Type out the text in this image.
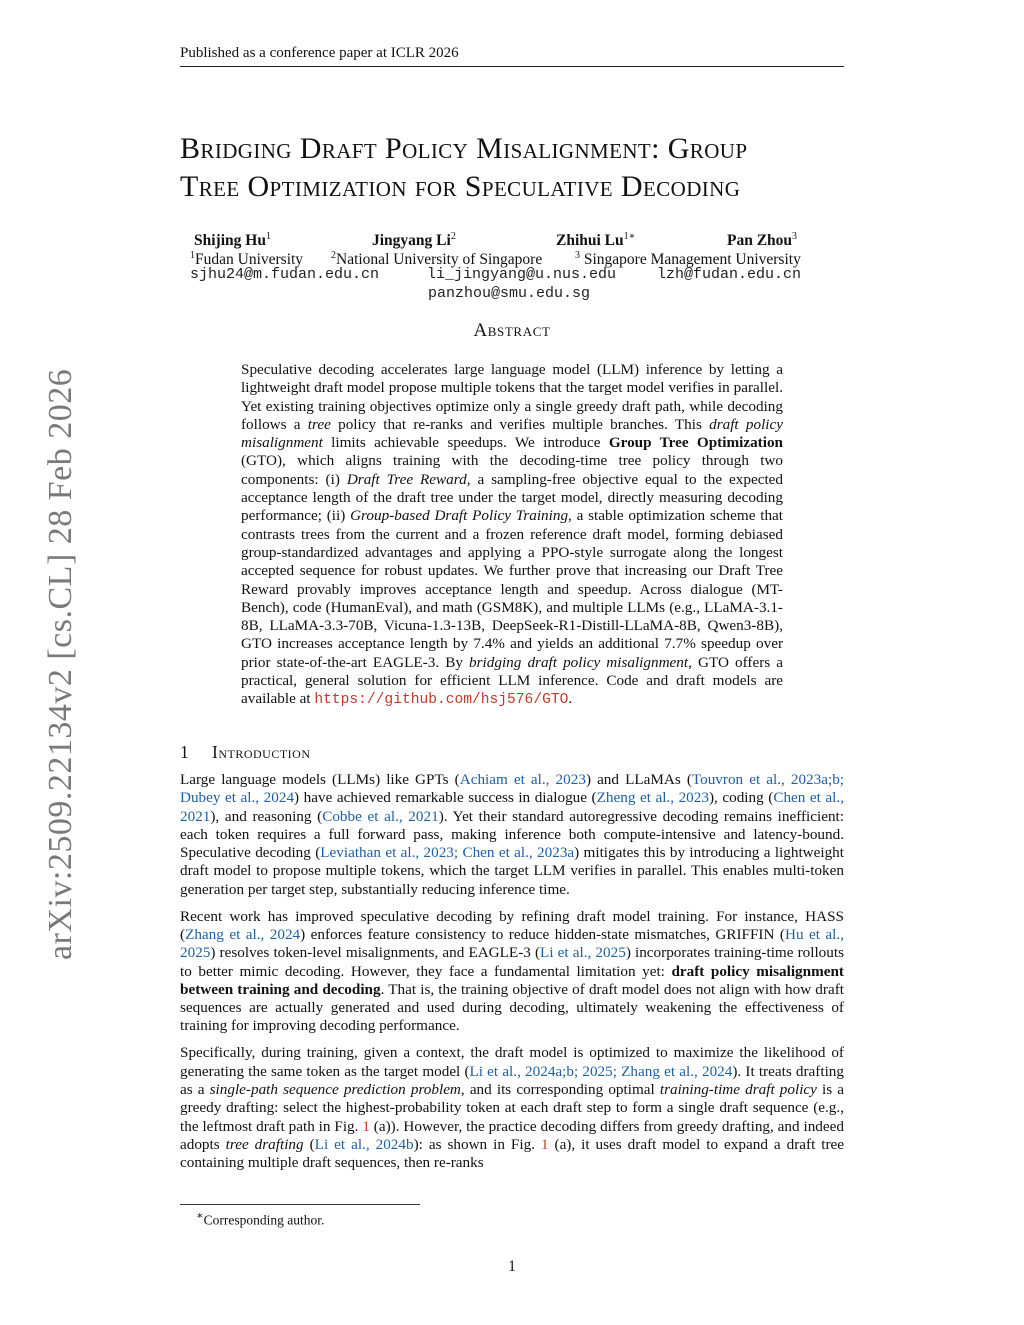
Published as a conference paper at ICLR 2026
arXiv:2509.22134v2 [cs.CL] 28 Feb 2026
Bridging Draft Policy Misalignment: Group
Tree Optimization for Speculative Decoding
Shijing Hu$^1$	Jingyang Li$^2$	Zhihui $Lu^{1∗}$	Pan Zhou$^3$
$^1$Fudan University	$^2$National University of Singapore	$^3$ Singapore Management University
sjhu24@m.fudan.edu.cn	li_jingyang@u.nus.edu	lzh@fudan.edu.cn
panzhou@smu.edu.sg
Abstract

Speculative decoding accelerates large language model (LLM) inference by letting a lightweight draft model propose multiple tokens that the target model verifies in parallel. Yet existing training objectives optimize only a single greedy draft path, while decoding follows a tree policy that re-ranks and verifies multiple branches. This draft policy misalignment limits achievable speedups. We introduce Group Tree Optimization (GTO), which aligns training with the decoding-time tree policy through two components: (i) Draft Tree Reward, a sampling-free objective equal to the expected acceptance length of the draft tree under the target model, directly measuring decoding performance; (ii) Group-based Draft Policy Training, a stable optimization scheme that contrasts trees from the current and a frozen reference draft model, forming debiased group-standardized advantages and applying a PPO-style surrogate along the longest accepted sequence for robust updates. We further prove that increasing our Draft Tree Reward provably improves acceptance length and speedup. Across dialogue (MT-Bench), code (HumanEval), and math (GSM8K), and multiple LLMs (e.g., LLaMA-3.1-8B, LLaMA-3.3-70B, Vicuna-1.3-13B, DeepSeek-R1-Distill-LLaMA-8B, Qwen3-8B), GTO increases acceptance length by 7.4% and yields an additional 7.7% speedup over prior state-of-the-art EAGLE-3. By bridging draft policy misalignment, GTO offers a practical, general solution for efficient LLM inference. Code and draft models are available at https://github.com/hsj576/GTO.

1 Introduction

Large language models (LLMs) like GPTs (Achiam et al., 2023) and LLaMAs (Touvron et al., 2023a;b; Dubey et al., 2024) have achieved remarkable success in dialogue (Zheng et al., 2023), coding (Chen et al., 2021), and reasoning (Cobbe et al., 2021). Yet their standard autoregressive decoding remains inefficient: each token requires a full forward pass, making inference both compute-intensive and latency-bound. Speculative decoding (Leviathan et al., 2023; Chen et al., 2023a) mitigates this by introducing a lightweight draft model to propose multiple tokens, which the target LLM verifies in parallel. This enables multi-token generation per target step, substantially reducing inference time.

Recent work has improved speculative decoding by refining draft model training. For instance, HASS (Zhang et al., 2024) enforces feature consistency to reduce hidden-state mismatches, GRIFFIN (Hu et al., 2025) resolves token-level misalignments, and EAGLE-3 (Li et al., 2025) incorporates training-time rollouts to better mimic decoding. However, they face a fundamental limitation yet: draft policy misalignment between training and decoding. That is, the training objective of draft model does not align with how draft sequences are actually generated and used during decoding, ultimately weakening the effectiveness of training for improving decoding performance.

Specifically, during training, given a context, the draft model is optimized to maximize the likelihood of generating the same token as the target model (Li et al., 2024a;b; 2025; Zhang et al., 2024). It treats drafting as a single-path sequence prediction problem, and its corresponding optimal training-time draft policy is a greedy drafting: select the highest-probability token at each draft step to form a single draft sequence (e.g., the leftmost draft path in Fig. 1 (a)). However, the practice decoding differs from greedy drafting, and indeed adopts tree drafting (Li et al., 2024b): as shown in Fig. 1 (a), it uses draft model to expand a draft tree containing multiple draft sequences, then re-ranks

∗Corresponding author.
1
